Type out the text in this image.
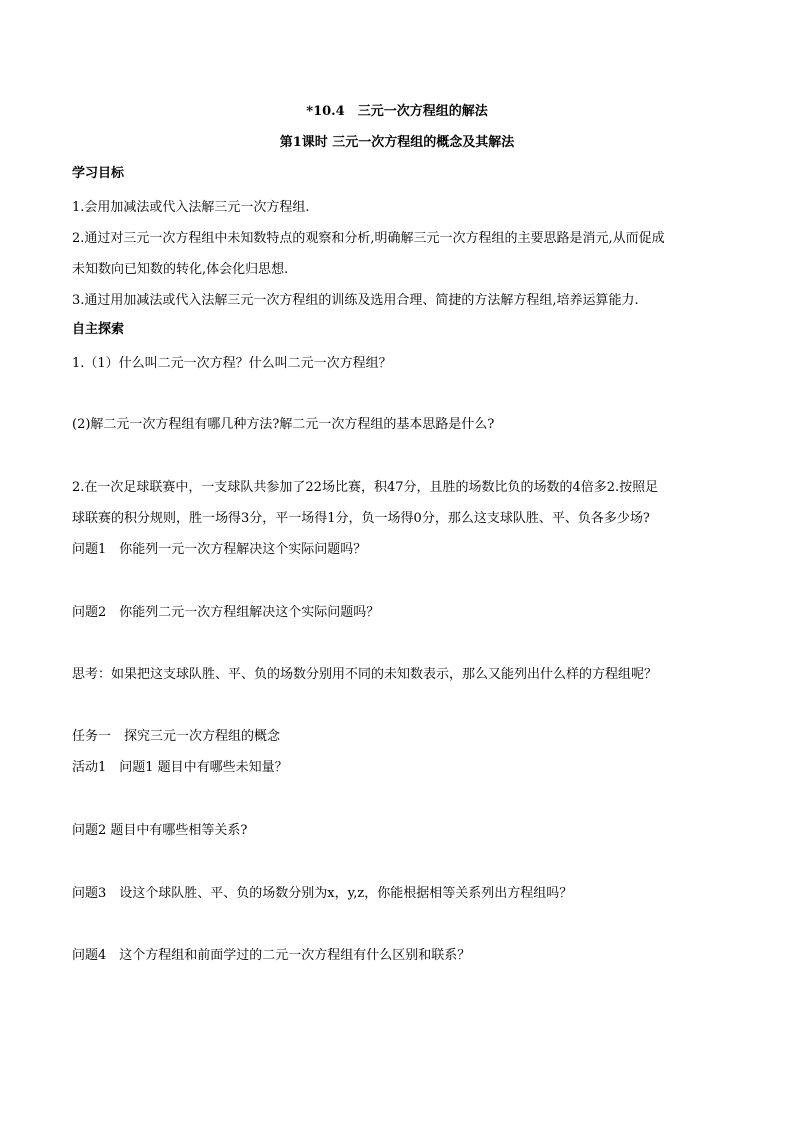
*10.4　三元一次方程组的解法
第1课时 三元一次方程组的概念及其解法
学习目标
1.会用加减法或代入法解三元一次方程组.
2.通过对三元一次方程组中未知数特点的观察和分析,明确解三元一次方程组的主要思路是消元,从而促成
未知数向已知数的转化,体会化归思想.
3.通过用加减法或代入法解三元一次方程组的训练及选用合理、简捷的方法解方程组,培养运算能力.
自主探索
1.（1）什么叫二元一次方程？什么叫二元一次方程组？
(2)解二元一次方程组有哪几种方法?解二元一次方程组的基本思路是什么?
2.在一次足球联赛中，一支球队共参加了22场比赛，积47分，且胜的场数比负的场数的4倍多2.按照足
球联赛的积分规则，胜一场得3分，平一场得1分，负一场得0分，那么这支球队胜、平、负各多少场?
问题1　你能列一元一次方程解决这个实际问题吗？
问题2　你能列二元一次方程组解决这个实际问题吗？
思考：如果把这支球队胜、平、负的场数分别用不同的未知数表示，那么又能列出什么样的方程组呢？
任务一　探究三元一次方程组的概念
活动1　问题1 题目中有哪些未知量？
问题2 题目中有哪些相等关系?
问题3　设这个球队胜、平、负的场数分别为x，y,z，你能根据相等关系列出方程组吗？
问题4　这个方程组和前面学过的二元一次方程组有什么区别和联系？
